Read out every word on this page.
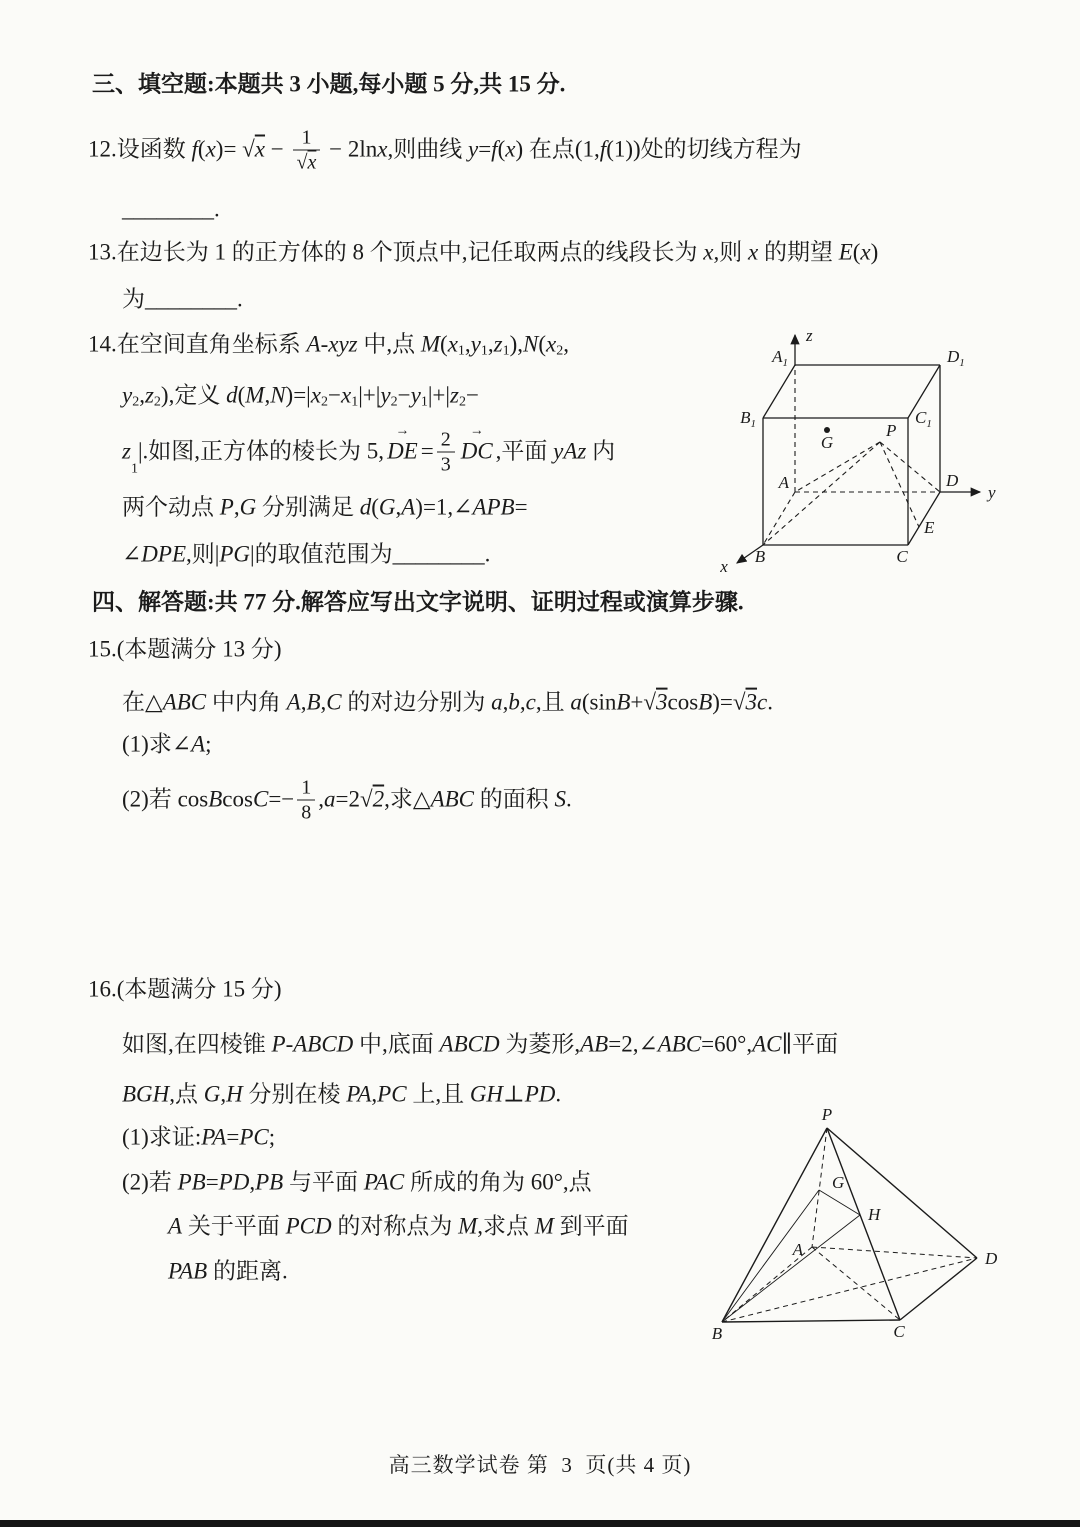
三、填空题:本题共 3 小题,每小题 5 分,共 15 分.
12.设函数 f ( x )= √ $x - \frac{1}{√ x} - 2\ln$ x ,则曲线 y = f ( x ) 在点(1, f (1))处的切线方程为
________.
13.在边长为 1 的正方体的 8 个顶点中,记任取两点的线段长为 x ,则 x 的期望 E ( x )
为 ________.
14.在空间直角坐标系 A - xyz 中,点 M ( x 1 , y 1 , z 1 ), N ( x 2 ,
y 2 , z 2 ),定义 d ( M , N )=| x 2 − x 1 |+| y 2 − y 1 |+| z 2 −
z
1
|.如图,正方体的棱长为 5,
→
DE = $\frac{2}{3}$ →
DC ,平面 yAz 内
两个动点 P , G 分别满足 d ( G , A )=1,∠ APB =
∠ DPE ,则| PG |的取值范围为 ________.
z
$A_1$	$D_1$
$B_1$	$C_1$
G
P
A	D
y
E
B	C
x
四、解答题:共 77 分.解答应写出文字说明、证明过程或演算步骤.
15.(本题满分 13 分)
在△ ABC 中内角 A , B , C 的对边分别为 a , b , c ,且 a (sin B + √ 3 cos B )= √ 3 c .
(1)求∠ A ;
(2)若 cos B $\cos C =- \frac{1}{8}$ , a =2 √ 2 ,求△ ABC 的面积 S .
16.(本题满分 15 分)
如图,在四棱锥 P - ABCD 中,底面 ABCD 为菱形, AB =2,∠ ABC =60°, AC ∥平面
BGH ,点 G , H 分别在棱 PA , PC 上,且 GH ⊥ PD .
(1)求证: PA = PC ;
(2)若 PB = PD , PB 与平面 PAC 所成的角为 60°,点
A 关于平面 PCD 的对称点为 M ,求点 M 到平面
PAB 的距离.
P
G
H
A	D
B	C
高三数学试卷 第  3  页(共 4 页)
